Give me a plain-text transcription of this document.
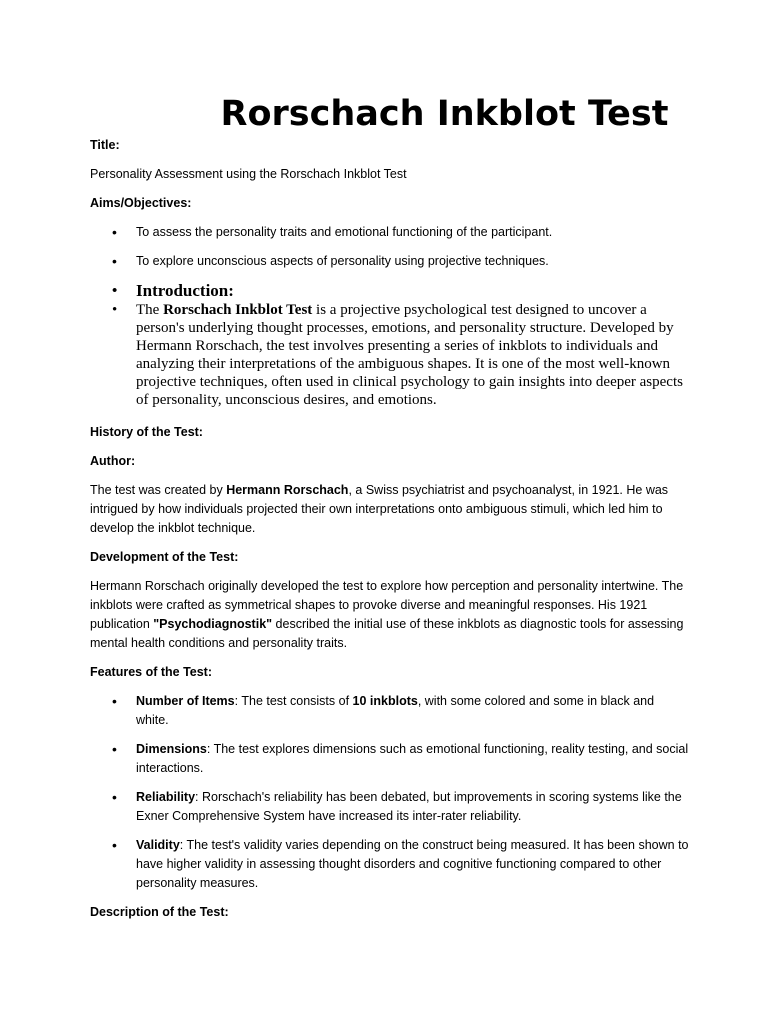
Rorschach Inkblot Test

Title:

Personality Assessment using the Rorschach Inkblot Test

Aims/Objectives:

• To assess the personality traits and emotional functioning of the participant.
• To explore unconscious aspects of personality using projective techniques.
• Introduction:
• The Rorschach Inkblot Test is a projective psychological test designed to uncover a person's underlying thought processes, emotions, and personality structure. Developed by Hermann Rorschach, the test involves presenting a series of inkblots to individuals and analyzing their interpretations of the ambiguous shapes. It is one of the most well-known projective techniques, often used in clinical psychology to gain insights into deeper aspects of personality, unconscious desires, and emotions.

History of the Test:

Author:

The test was created by Hermann Rorschach, a Swiss psychiatrist and psychoanalyst, in 1921. He was intrigued by how individuals projected their own interpretations onto ambiguous stimuli, which led him to develop the inkblot technique.

Development of the Test:

Hermann Rorschach originally developed the test to explore how perception and personality intertwine. The inkblots were crafted as symmetrical shapes to provoke diverse and meaningful responses. His 1921 publication "Psychodiagnostik" described the initial use of these inkblots as diagnostic tools for assessing mental health conditions and personality traits.

Features of the Test:

• Number of Items: The test consists of 10 inkblots, with some colored and some in black and white.
• Dimensions: The test explores dimensions such as emotional functioning, reality testing, and social interactions.
• Reliability: Rorschach's reliability has been debated, but improvements in scoring systems like the Exner Comprehensive System have increased its inter-rater reliability.
• Validity: The test's validity varies depending on the construct being measured. It has been shown to have higher validity in assessing thought disorders and cognitive functioning compared to other personality measures.

Description of the Test:
